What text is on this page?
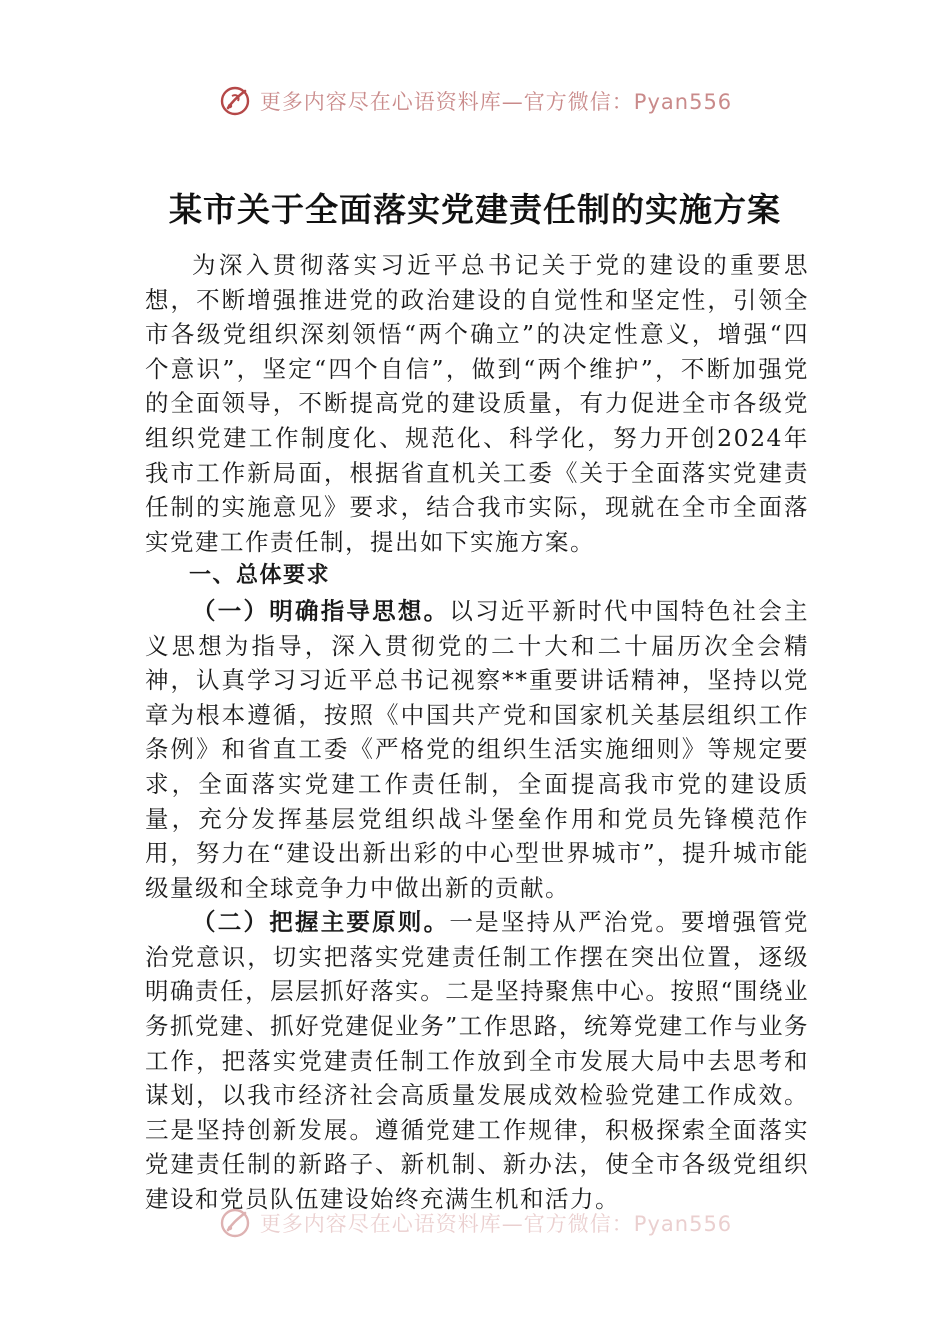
更多内容尽在心语资料库—官方微信：Pyan556
某市关于全面落实党建责任制的实施方案

为深入贯彻落实习近平总书记关于党的建设的重要思想，不断增强推进党的政治建设的自觉性和坚定性，引领全市各级党组织深刻领悟“两个确立”的决定性意义，增强“四个意识”，坚定“四个自信”，做到“两个维护”，不断加强党的全面领导，不断提高党的建设质量，有力促进全市各级党组织党建工作制度化、规范化、科学化，努力开创2024年我市工作新局面，根据省直机关工委《关于全面落实党建责任制的实施意见》要求，结合我市实际，现就在全市全面落实党建工作责任制，提出如下实施方案。

一、总体要求

（一）明确指导思想。以习近平新时代中国特色社会主义思想为指导，深入贯彻党的二十大和二十届历次全会精神，认真学习习近平总书记视察**重要讲话精神，坚持以党章为根本遵循，按照《中国共产党和国家机关基层组织工作条例》和省直工委《严格党的组织生活实施细则》等规定要求，全面落实党建工作责任制，全面提高我市党的建设质量，充分发挥基层党组织战斗堡垒作用和党员先锋模范作用，努力在“建设出新出彩的中心型世界城市”，提升城市能级量级和全球竞争力中做出新的贡献。

（二）把握主要原则。一是坚持从严治党。要增强管党治党意识，切实把落实党建责任制工作摆在突出位置，逐级明确责任，层层抓好落实。二是坚持聚焦中心。按照“围绕业务抓党建、抓好党建促业务”工作思路，统筹党建工作与业务工作，把落实党建责任制工作放到全市发展大局中去思考和谋划，以我市经济社会高质量发展成效检验党建工作成效。三是坚持创新发展。遵循党建工作规律，积极探索全面落实党建责任制的新路子、新机制、新办法，使全市各级党组织建设和党员队伍建设始终充满生机和活力。

更多内容尽在心语资料库—官方微信：Pyan556
